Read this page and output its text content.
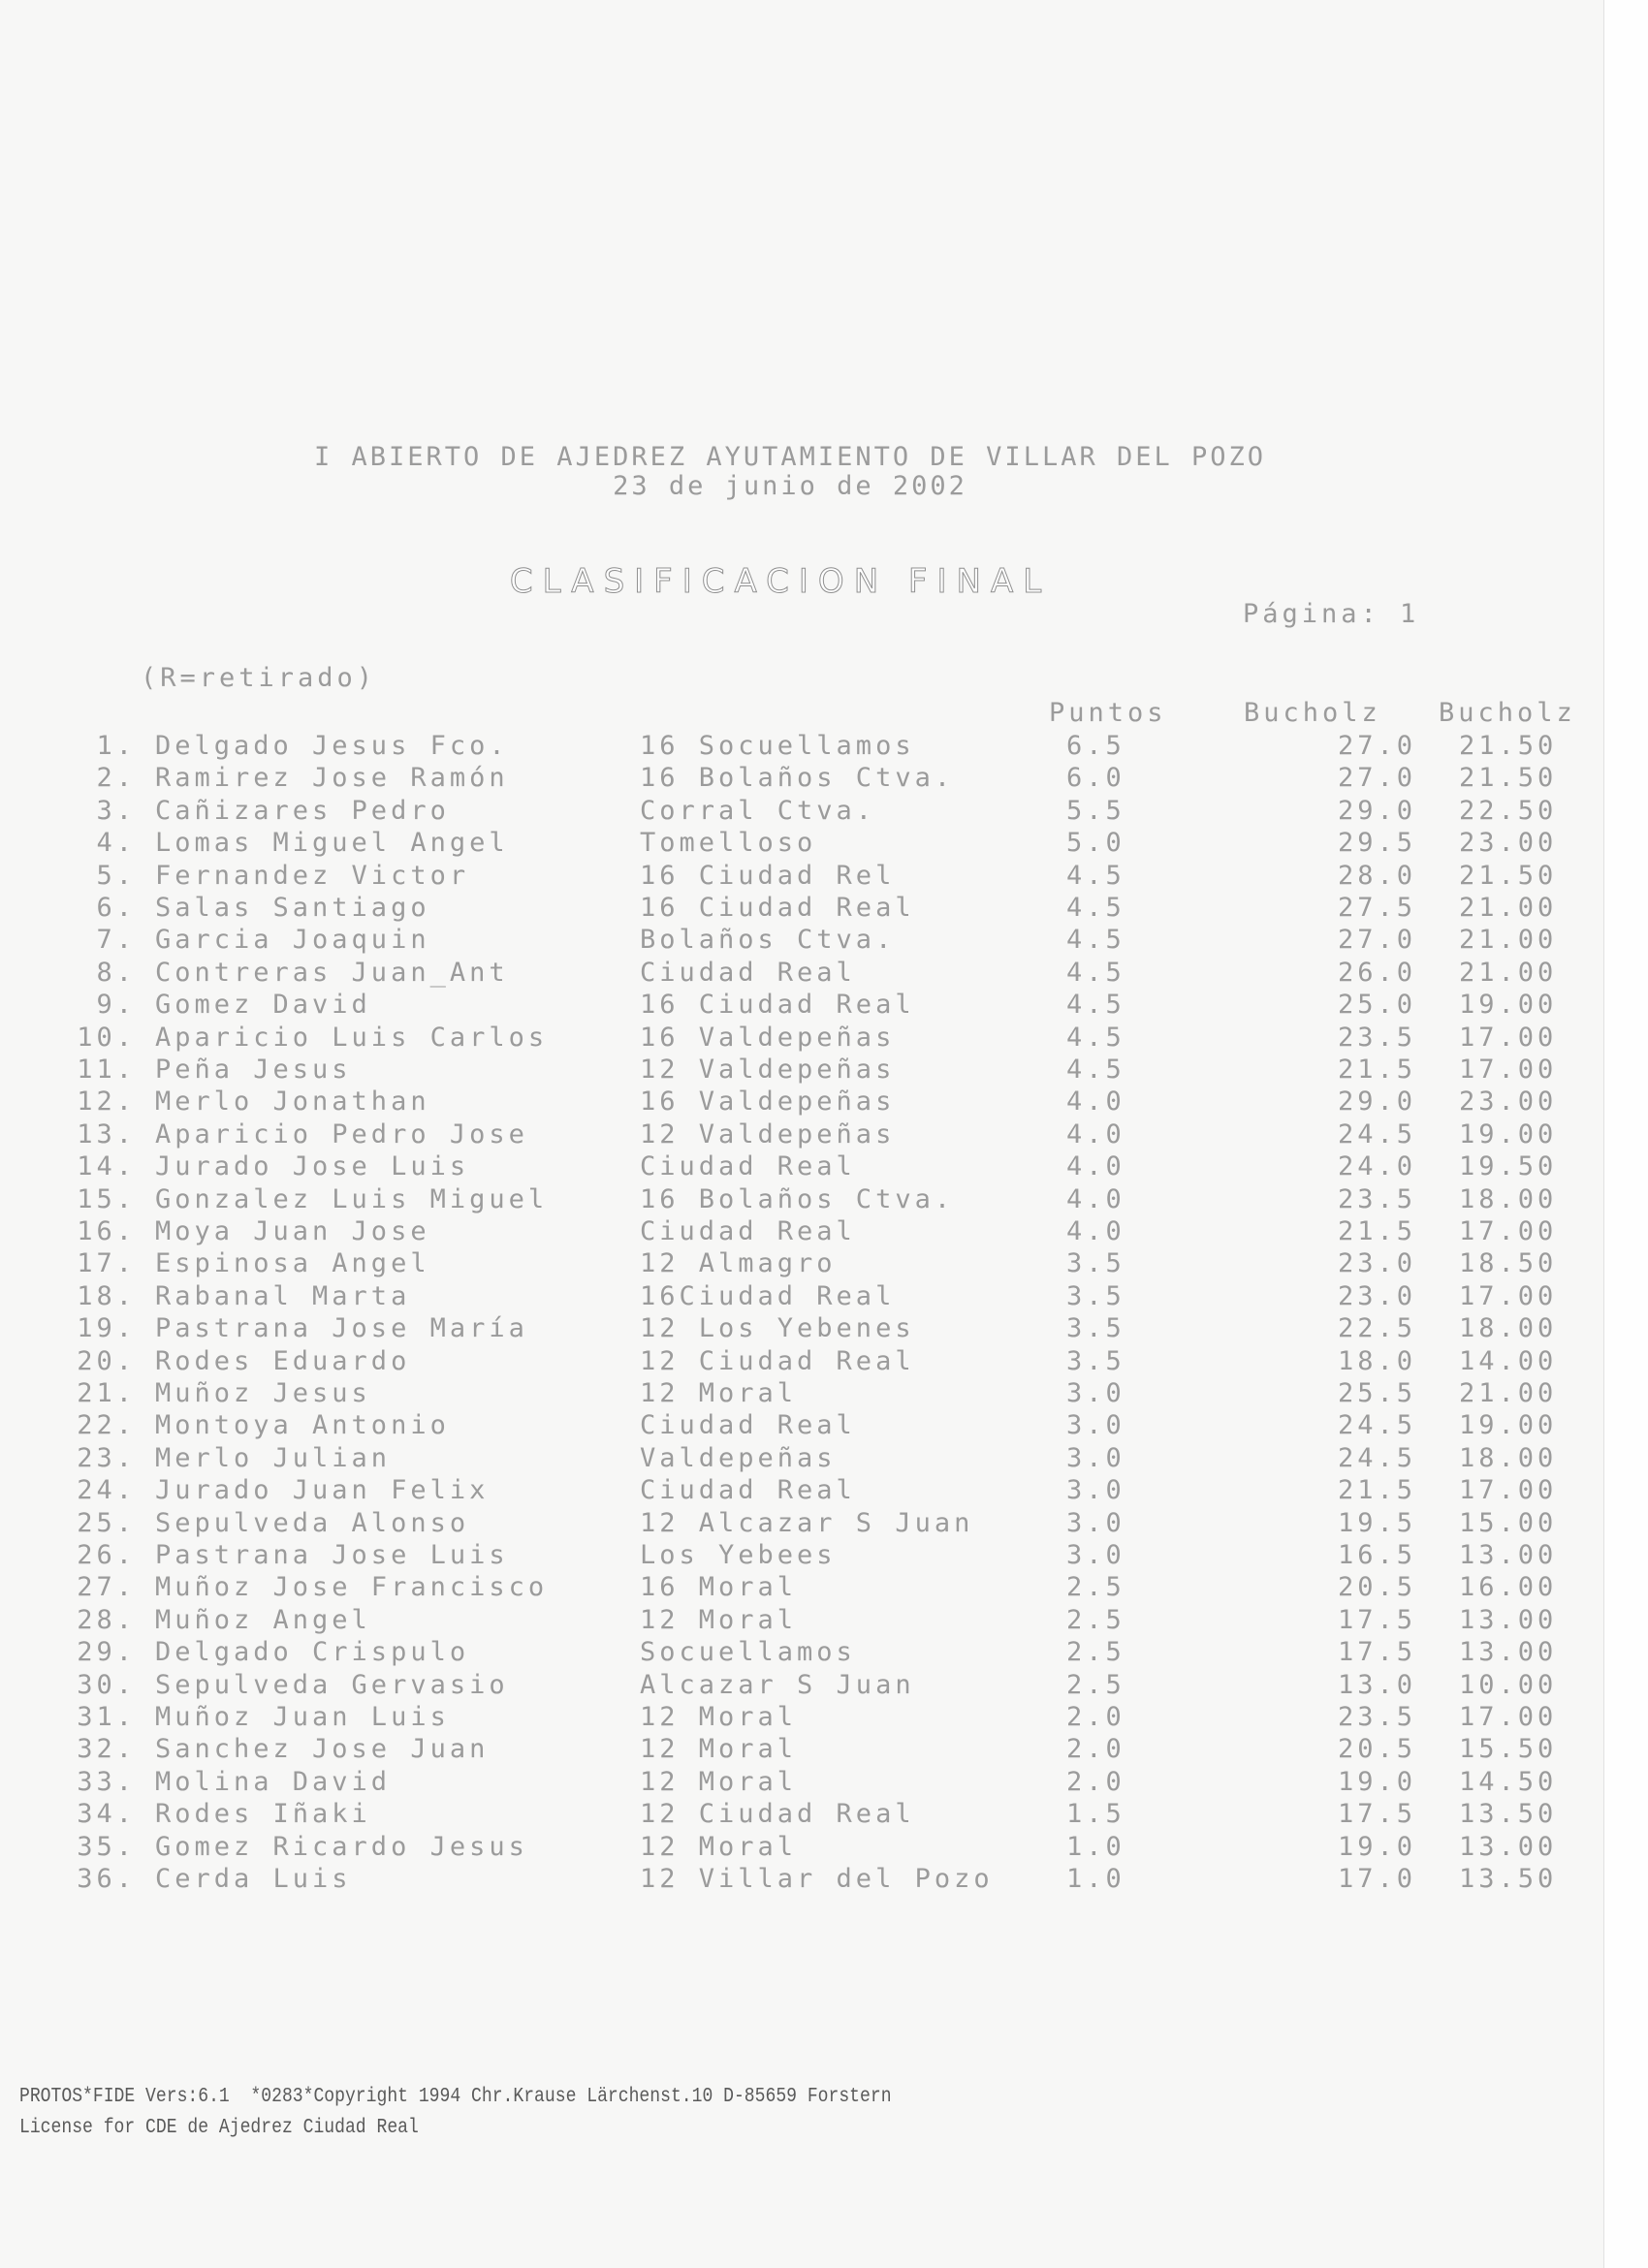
I ABIERTO DE AJEDREZ AYUTAMIENTO DE VILLAR DEL POZO
23 de junio de 2002
CLASIFICACION FINAL
Página: 1
(R=retirado)
Puntos	Bucholz Bucholz
1. Delgado Jesus Fco.	16 Socuellamos	6.5	27.0 21.50
2. Ramirez Jose Ramón	16 Bolaños Ctva.	6.0	27.0 21.50
3. Cañizares Pedro	Corral Ctva.	5.5	29.0 22.50
4. Lomas Miguel Angel	Tomelloso	5.0	29.5 23.00
5. Fernandez Victor	16 Ciudad Rel	4.5	28.0 21.50
6. Salas Santiago	16 Ciudad Real	4.5	27.5 21.00
7. Garcia Joaquin	Bolaños Ctva.	4.5	27.0 21.00
8. Contreras Juan_Ant	Ciudad Real	4.5	26.0 21.00
9. Gomez David	16 Ciudad Real	4.5	25.0 19.00
10. Aparicio Luis Carlos	16 Valdepeñas	4.5	23.5 17.00
11. Peña Jesus	12 Valdepeñas	4.5	21.5 17.00
12. Merlo Jonathan	16 Valdepeñas	4.0	29.0 23.00
13. Aparicio Pedro Jose	12 Valdepeñas	4.0	24.5 19.00
14. Jurado Jose Luis	Ciudad Real	4.0	24.0 19.50
15. Gonzalez Luis Miguel	16 Bolaños Ctva.	4.0	23.5 18.00
16. Moya Juan Jose	Ciudad Real	4.0	21.5 17.00
17. Espinosa Angel	12 Almagro	3.5	23.0 18.50
18. Rabanal Marta	16Ciudad Real	3.5	23.0 17.00
19. Pastrana Jose María	12 Los Yebenes	3.5	22.5 18.00
20. Rodes Eduardo	12 Ciudad Real	3.5	18.0 14.00
21. Muñoz Jesus	12 Moral	3.0	25.5 21.00
22. Montoya Antonio	Ciudad Real	3.0	24.5 19.00
23. Merlo Julian	Valdepeñas	3.0	24.5 18.00
24. Jurado Juan Felix	Ciudad Real	3.0	21.5 17.00
25. Sepulveda Alonso	12 Alcazar S Juan	3.0	19.5 15.00
26. Pastrana Jose Luis	Los Yebees	3.0	16.5 13.00
27. Muñoz Jose Francisco	16 Moral	2.5	20.5 16.00
28. Muñoz Angel	12 Moral	2.5	17.5 13.00
29. Delgado Crispulo	Socuellamos	2.5	17.5 13.00
30. Sepulveda Gervasio	Alcazar S Juan	2.5	13.0 10.00
31. Muñoz Juan Luis	12 Moral	2.0	23.5 17.00
32. Sanchez Jose Juan	12 Moral	2.0	20.5 15.50
33. Molina David	12 Moral	2.0	19.0 14.50
34. Rodes Iñaki	12 Ciudad Real	1.5	17.5 13.50
35. Gomez Ricardo Jesus	12 Moral	1.0	19.0 13.00
36. Cerda Luis	12 Villar del Pozo	1.0	17.0 13.50
PROTOS*FIDE Vers:6.1  *0283*Copyright 1994 Chr.Krause Lärchenst.10 D-85659 Forstern
License for CDE de Ajedrez Ciudad Real
